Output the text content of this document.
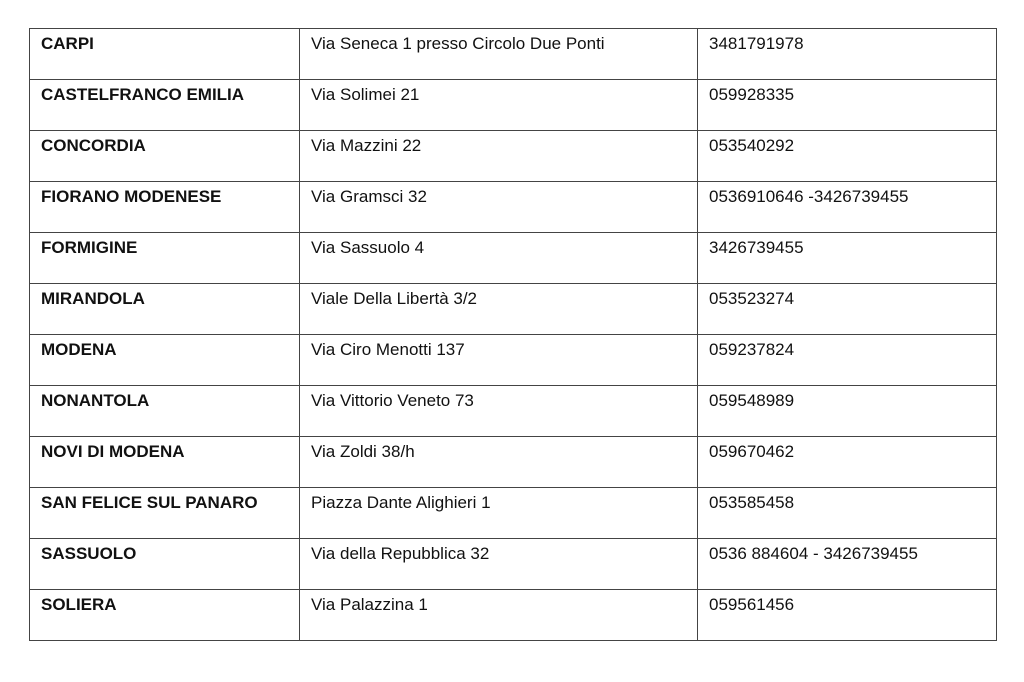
CARPI	Via Seneca 1 presso Circolo Due Ponti	3481791978
CASTELFRANCO EMILIA	Via Solimei 21	059928335
CONCORDIA	Via Mazzini 22	053540292
FIORANO MODENESE	Via Gramsci 32	0536910646 -3426739455
FORMIGINE	Via Sassuolo 4	3426739455
MIRANDOLA	Viale Della Libertà 3/2	053523274
MODENA	Via Ciro Menotti 137	059237824
NONANTOLA	Via Vittorio Veneto 73	059548989
NOVI DI MODENA	Via Zoldi 38/h	059670462
SAN FELICE SUL PANARO	Piazza Dante Alighieri 1	053585458
SASSUOLO	Via della Repubblica 32	0536 884604 - 3426739455
SOLIERA	Via Palazzina 1	059561456
